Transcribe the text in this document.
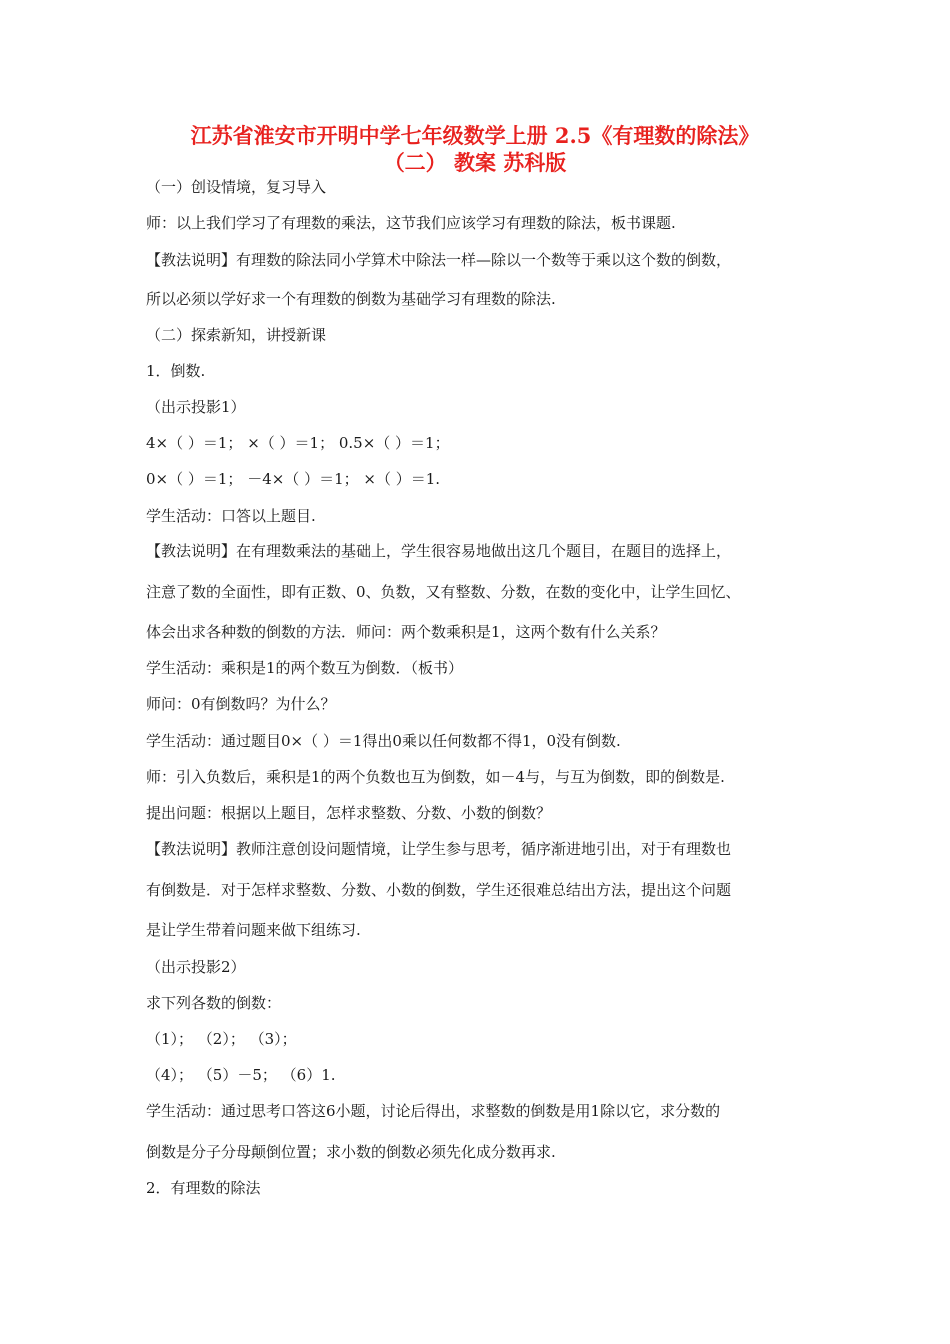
江苏省淮安市开明中学七年级数学上册 2.5《有理数的除法》
（二） 教案 苏科版
（一）创设情境，复习导入
师：以上我们学习了有理数的乘法，这节我们应该学习有理数的除法，板书课题.
【教法说明】有理数的除法同小学算术中除法一样—除以一个数等于乘以这个数的倒数，
所以必须以学好求一个有理数的倒数为基础学习有理数的除法.
（二）探索新知，讲授新课
1．倒数.
（出示投影1）
4×（ ）＝1； ×（ ）＝1； 0.5×（ ）＝1；
0×（ ）＝1； －4×（ ）＝1； ×（ ）＝1.
学生活动：口答以上题目.
【教法说明】在有理数乘法的基础上，学生很容易地做出这几个题目，在题目的选择上，
注意了数的全面性，即有正数、0、负数，又有整数、分数，在数的变化中，让学生回忆、
体会出求各种数的倒数的方法．师问：两个数乘积是1，这两个数有什么关系？
学生活动：乘积是1的两个数互为倒数．（板书）
师问：0有倒数吗？为什么？
学生活动：通过题目0×（ ）＝1得出0乘以任何数都不得1，0没有倒数.
师：引入负数后，乘积是1的两个负数也互为倒数，如－4与，与互为倒数，即的倒数是.
提出问题：根据以上题目，怎样求整数、分数、小数的倒数？
【教法说明】教师注意创设问题情境，让学生参与思考，循序渐进地引出，对于有理数也
有倒数是．对于怎样求整数、分数、小数的倒数，学生还很难总结出方法，提出这个问题
是让学生带着问题来做下组练习.
（出示投影2）
求下列各数的倒数：
（1）； （2）； （3）；
（4）； （5）－5； （6）1.
学生活动：通过思考口答这6小题，讨论后得出，求整数的倒数是用1除以它，求分数的
倒数是分子分母颠倒位置；求小数的倒数必须先化成分数再求.
2．有理数的除法
